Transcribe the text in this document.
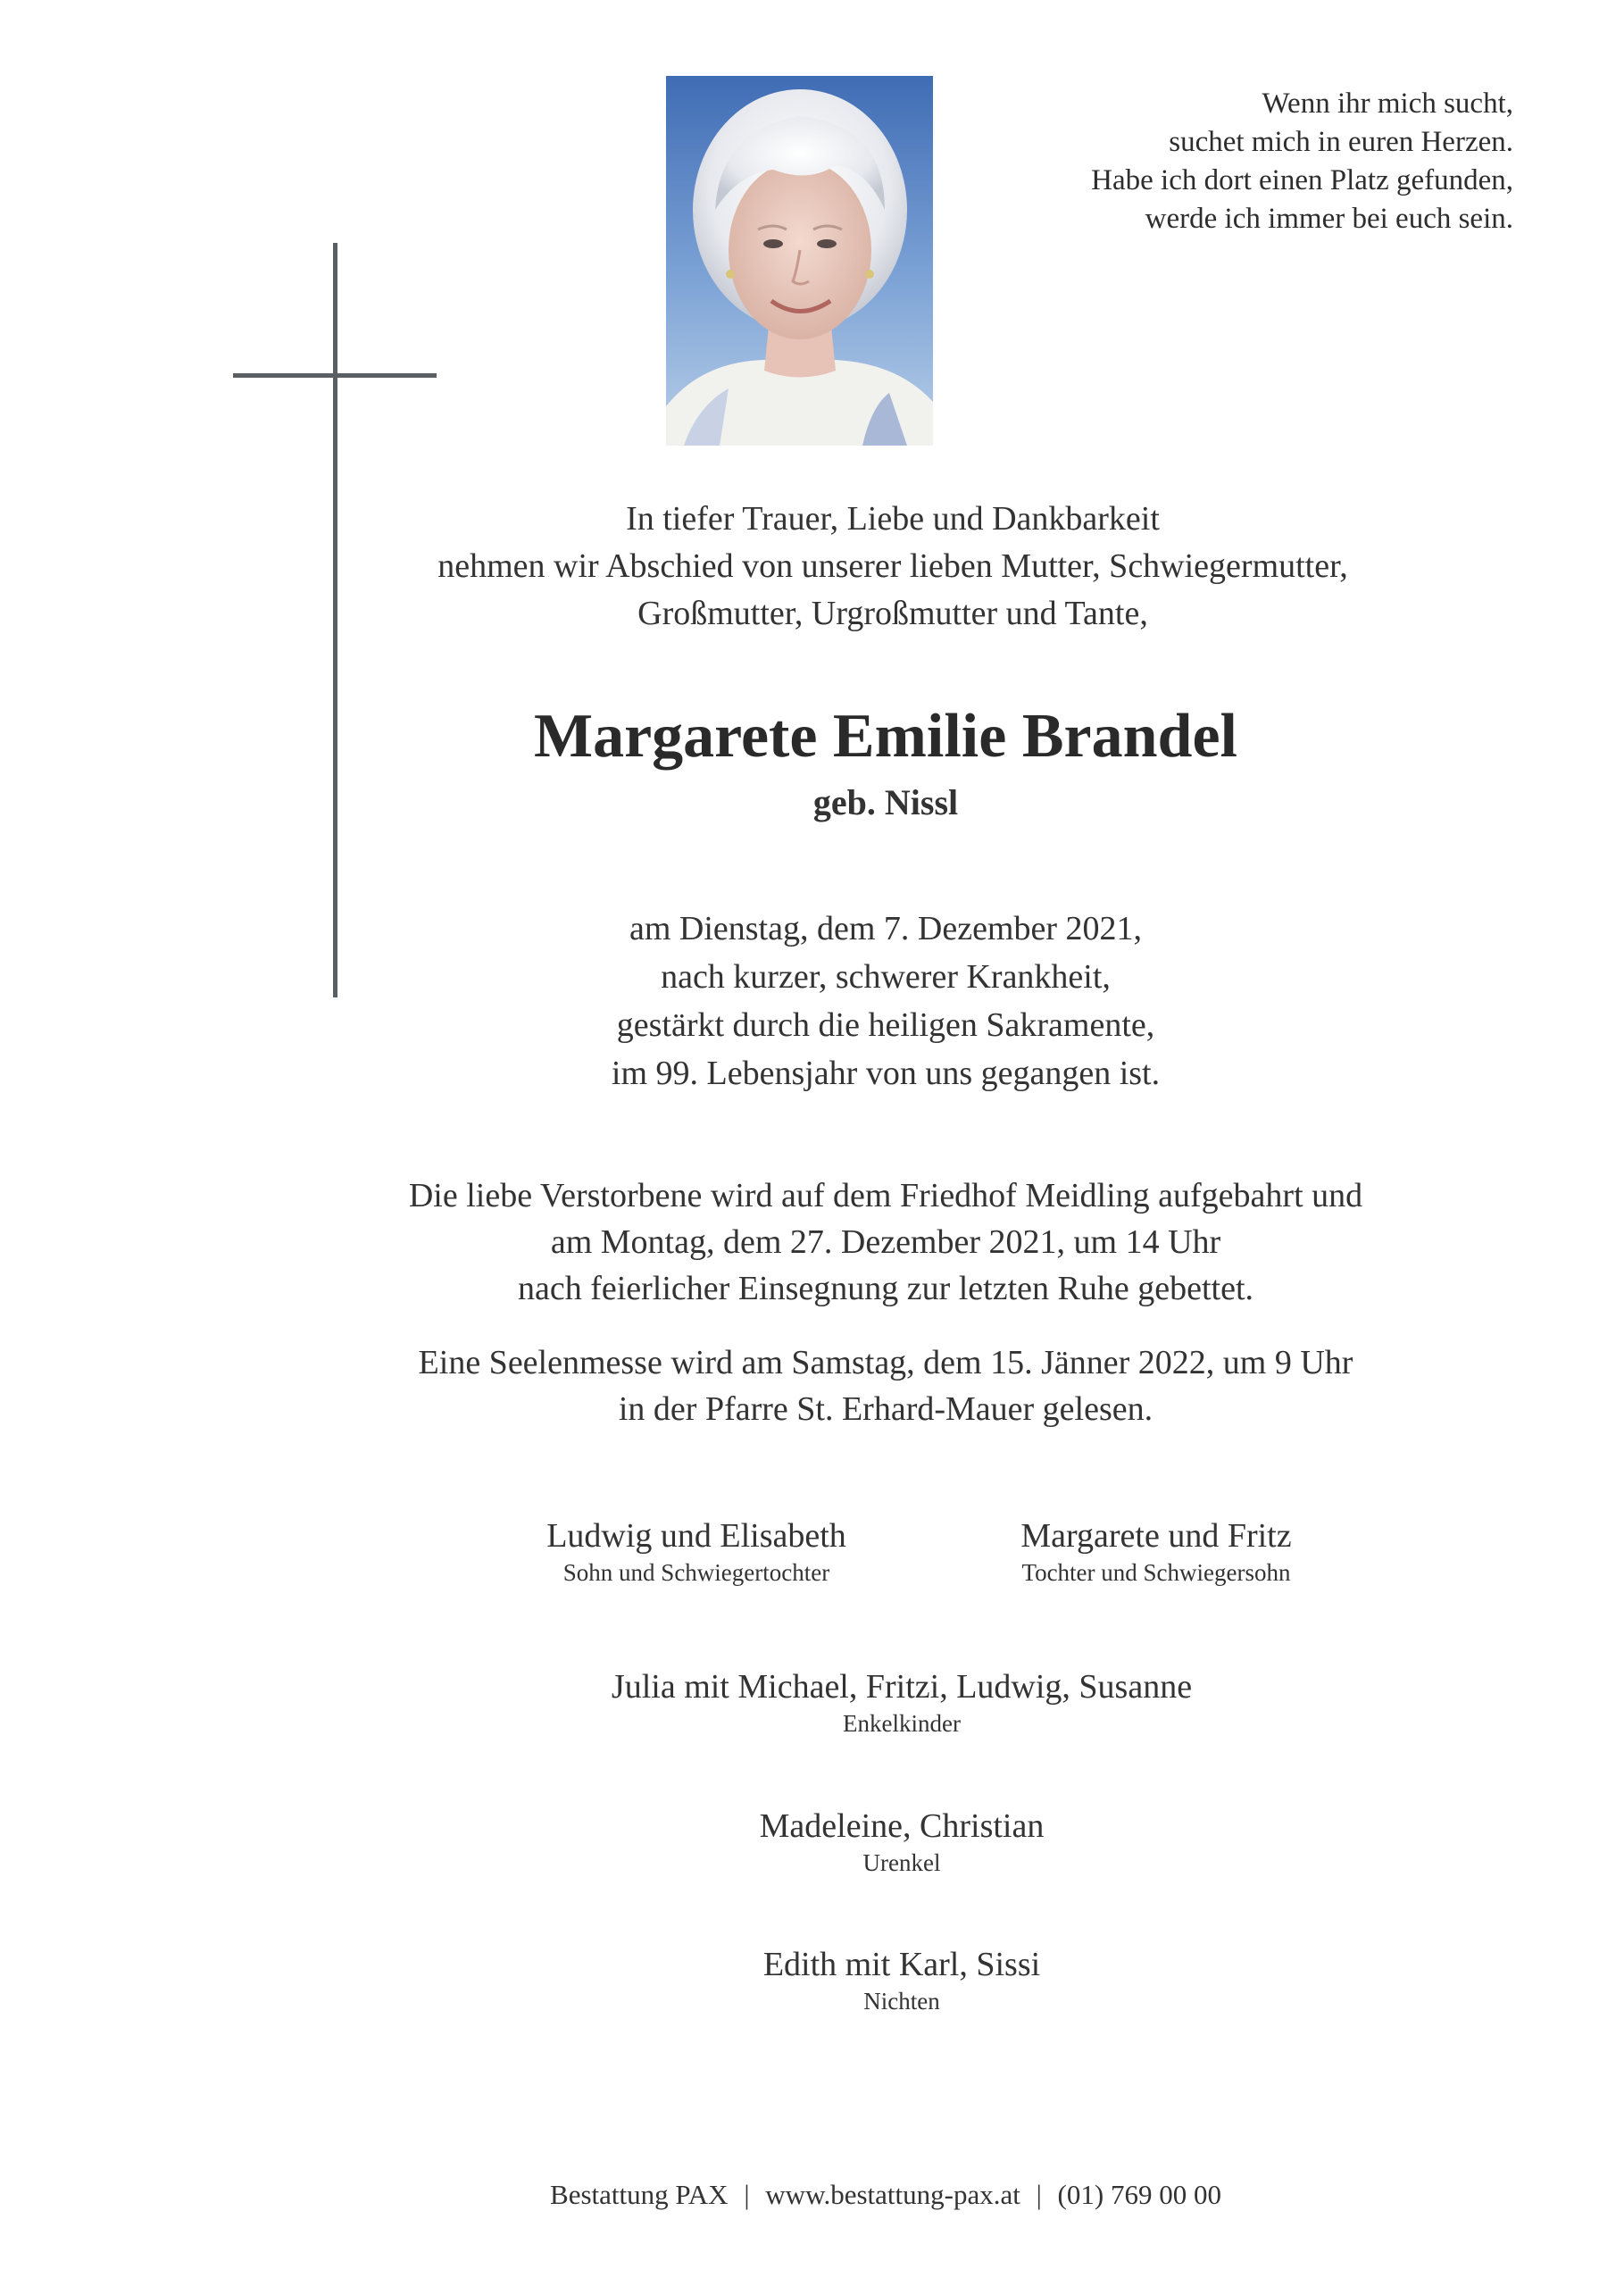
Wenn ihr mich sucht,
suchet mich in euren Herzen.
Habe ich dort einen Platz gefunden,
werde ich immer bei euch sein.
In tiefer Trauer, Liebe und Dankbarkeit
nehmen wir Abschied von unserer lieben Mutter, Schwiegermutter,
Großmutter, Urgroßmutter und Tante,
Margarete Emilie Brandel
geb. Nissl
am Dienstag, dem 7. Dezember 2021,
nach kurzer, schwerer Krankheit,
gestärkt durch die heiligen Sakramente,
im 99. Lebensjahr von uns gegangen ist.
Die liebe Verstorbene wird auf dem Friedhof Meidling aufgebahrt und
am Montag, dem 27. Dezember 2021, um 14 Uhr
nach feierlicher Einsegnung zur letzten Ruhe gebettet.
Eine Seelenmesse wird am Samstag, dem 15. Jänner 2022, um 9 Uhr
in der Pfarre St. Erhard-Mauer gelesen.
Ludwig und Elisabeth
Sohn und Schwiegertochter
Margarete und Fritz
Tochter und Schwiegersohn
Julia mit Michael, Fritzi, Ludwig, Susanne
Enkelkinder
Madeleine, Christian
Urenkel
Edith mit Karl, Sissi
Nichten
Bestattung PAX | www.bestattung-pax.at | (01) 769 00 00
